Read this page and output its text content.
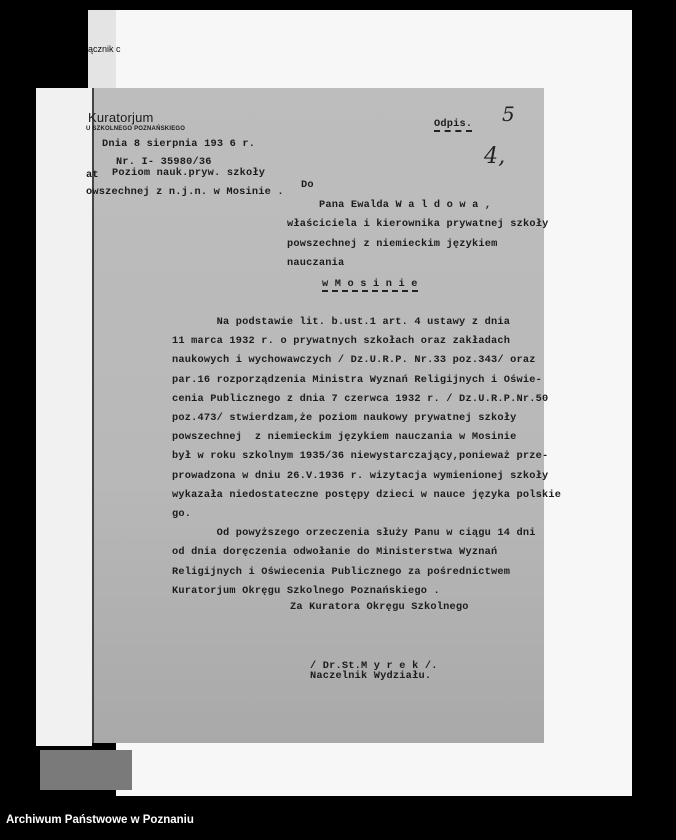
ącznik c
Kuratorjum
U SZKOLNEGO POZNAŃSKIEGO
Dnia 8 sierpnia 193 6 r.
Nr. I- 35980/36
at Poziom nauk.pryw. szkoły
owszechnej z n.j.n. w Mosinie .
Odpis. 5
4,
Do
Pana Ewalda W a l d o w a ,
właściciela i kierownika prywatnej szkoły
powszechnej z niemieckim językiem
nauczania
w M o s i n i e
Na podstawie lit. b.ust.1 art. 4 ustawy z dnia
11 marca 1932 r. o prywatnych szkołach oraz zakładach
naukowych i wychowawczych / Dz.U.R.P. Nr.33 poz.343/ oraz
par.16 rozporządzenia Ministra Wyznań Religijnych i Oświe-
cenia Publicznego z dnia 7 czerwca 1932 r. / Dz.U.R.P.Nr.50
poz.473/ stwierdzam,że poziom naukowy prywatnej szkoły
powszechnej  z niemieckim językiem nauczania w Mosinie
był w roku szkolnym 1935/36 niewystarczający,ponieważ prze-
prowadzona w dniu 26.V.1936 r. wizytacja wymienionej szkoły
wykazała niedostateczne postępy dzieci w nauce języka polskie
go.
Od powyższego orzeczenia służy Panu w ciągu 14 dni
od dnia doręczenia odwołanie do Ministerstwa Wyznań
Religijnych i Oświecenia Publicznego za pośrednictwem
Kuratorjum Okręgu Szkolnego Poznańskiego .
Za Kuratora Okręgu Szkolnego
/ Dr.St.M y r e k /.
Naczelnik Wydziału.
Archiwum Państwowe w Poznaniu
